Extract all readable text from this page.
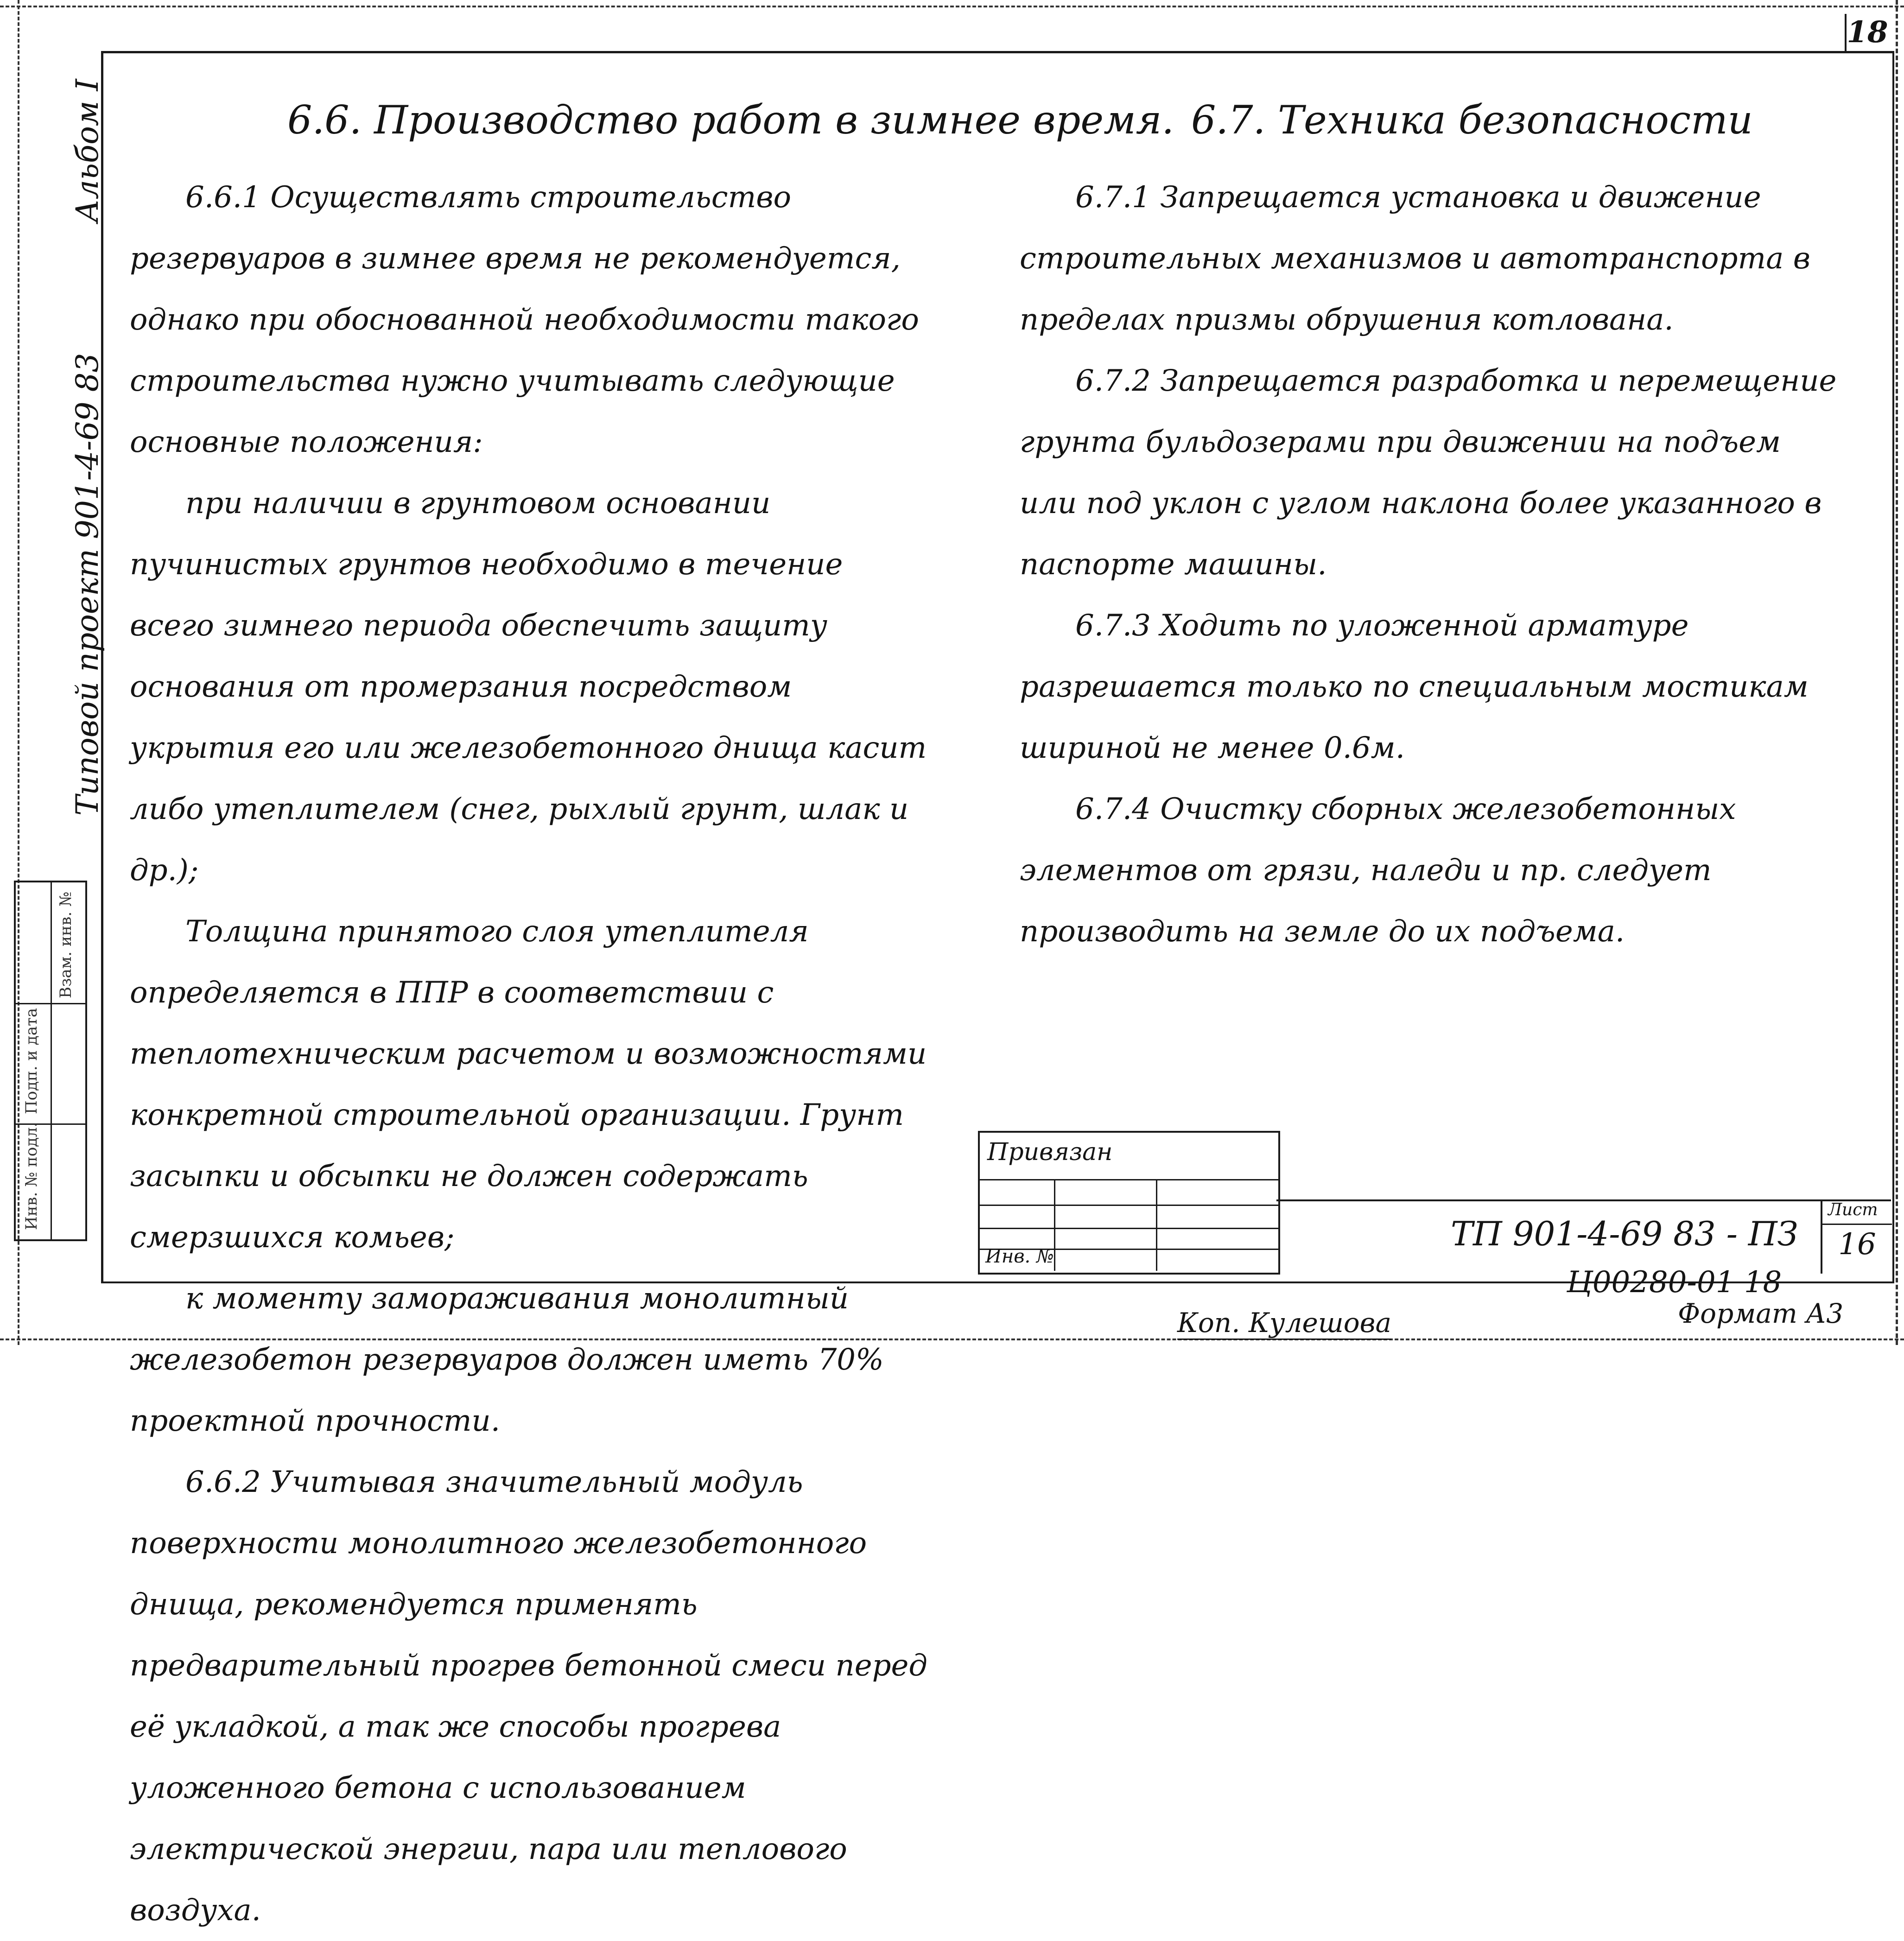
18
Альбом I
Типовой проект 901-4-69 83
Инв. № подл.
Подп. и дата
Взам. инв. №
6.6. Производство работ в зимнее время.

6.6.1 Осуществлять строительство резервуаров в зимнее время не рекомендуется, однако при обоснованной необходимости такого строительства нужно учитывать следующие основные положения:

при наличии в грунтовом основании пучинистых грунтов необходимо в течение всего зимнего периода обеспечить защиту основания от промерзания посредством укрытия его или железобетонного днища касит либо утеплителем (снег, рыхлый грунт, шлак и др.);

Толщина принятого слоя утеплителя определяется в ППР в соответствии с теплотехническим расчетом и возможностями конкретной строительной организации. Грунт засыпки и обсыпки не должен содержать смерзшихся комьев;

к моменту замораживания монолитный железобетон резервуаров должен иметь 70% проектной прочности.

6.6.2 Учитывая значительный модуль поверхности монолитного железобетонного днища, рекомендуется применять предварительный прогрев бетонной смеси перед её укладкой, а так же способы прогрева уложенного бетона с использованием электрической энергии, пара или теплового воздуха.

6.7. Техника безопасности

6.7.1 Запрещается установка и движение строительных механизмов и автотранспорта в пределах призмы обрушения котлована.

6.7.2 Запрещается разработка и перемещение грунта бульдозерами при движении на подъем или под уклон с углом наклона более указанного в паспорте машины.

6.7.3 Ходить по уложенной арматуре разрешается только по специальным мостикам шириной не менее 0.6м.

6.7.4 Очистку сборных железобетонных элементов от грязи, наледи и пр. следует производить на земле до их подъема.

Привязан
Инв. №
ТП 901-4-69 83 - ПЗ
Лист
16
Ц00280-01 18
Коп. Кулешова	Формат А3
